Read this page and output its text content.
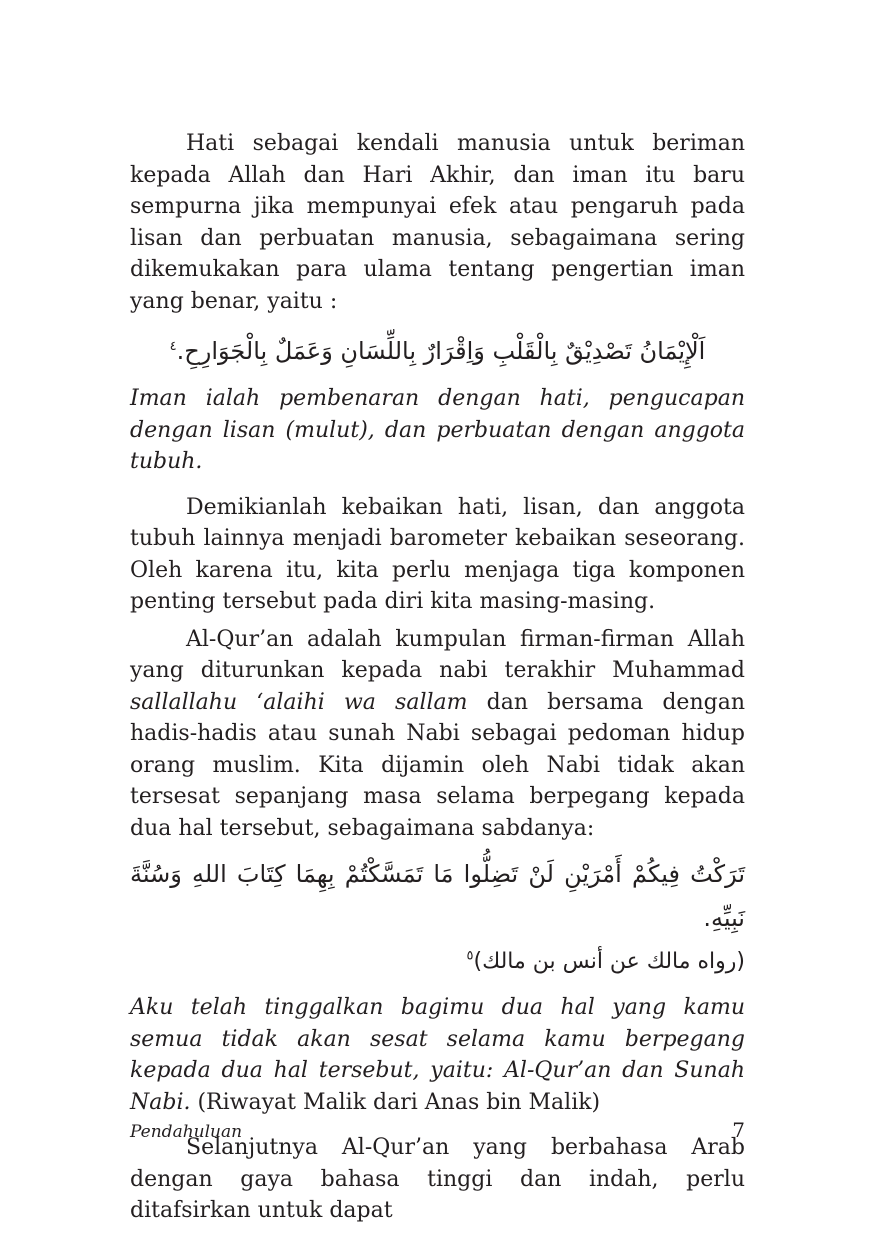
Hati sebagai kendali manusia untuk beriman kepada Allah dan Hari Akhir, dan iman itu baru sempurna jika mempunyai efek atau pengaruh pada lisan dan perbuatan manusia, sebagaimana sering dikemukakan para ulama tentang pengertian iman yang benar, yaitu :

اَلْإِيْمَانُ تَصْدِيْقٌ بِالْقَلْبِ وَاِقْرَارٌ بِاللِّسَانِ وَعَمَلٌ بِالْجَوَارِحِ.$^٤$

Iman ialah pembenaran dengan hati, pengucapan dengan lisan (mulut), dan perbuatan dengan anggota tubuh.

Demikianlah kebaikan hati, lisan, dan anggota tubuh lainnya menjadi barometer kebaikan seseorang. Oleh karena itu, kita perlu menjaga tiga komponen penting tersebut pada diri kita masing-masing.

Al-Qur’an adalah kumpulan firman-firman Allah yang diturunkan kepada nabi terakhir Muhammad sallallahu ‘alaihi wa sallam dan bersama dengan hadis-hadis atau sunah Nabi sebagai pedoman hidup orang muslim. Kita dijamin oleh Nabi tidak akan tersesat sepanjang masa selama berpegang kepada dua hal tersebut, sebagaimana sabdanya:

تَرَكْتُ فِيكُمْ أَمْرَيْنِ لَنْ تَضِلُّوا مَا تَمَسَّكْتُمْ بِهِمَا كِتَابَ اللهِ وَسُنَّةَ نَبِيِّهِ.
(رواه مالك عن أنس بن مالك)$^٥$

Aku telah tinggalkan bagimu dua hal yang kamu semua tidak akan sesat selama kamu berpegang kepada dua hal tersebut, yaitu: Al-Qur’an dan Sunah Nabi. (Riwayat Malik dari Anas bin Malik)

Selanjutnya Al-Qur’an yang berbahasa Arab dengan gaya bahasa tinggi dan indah, perlu ditafsirkan untuk dapat

Pendahuluan	7
